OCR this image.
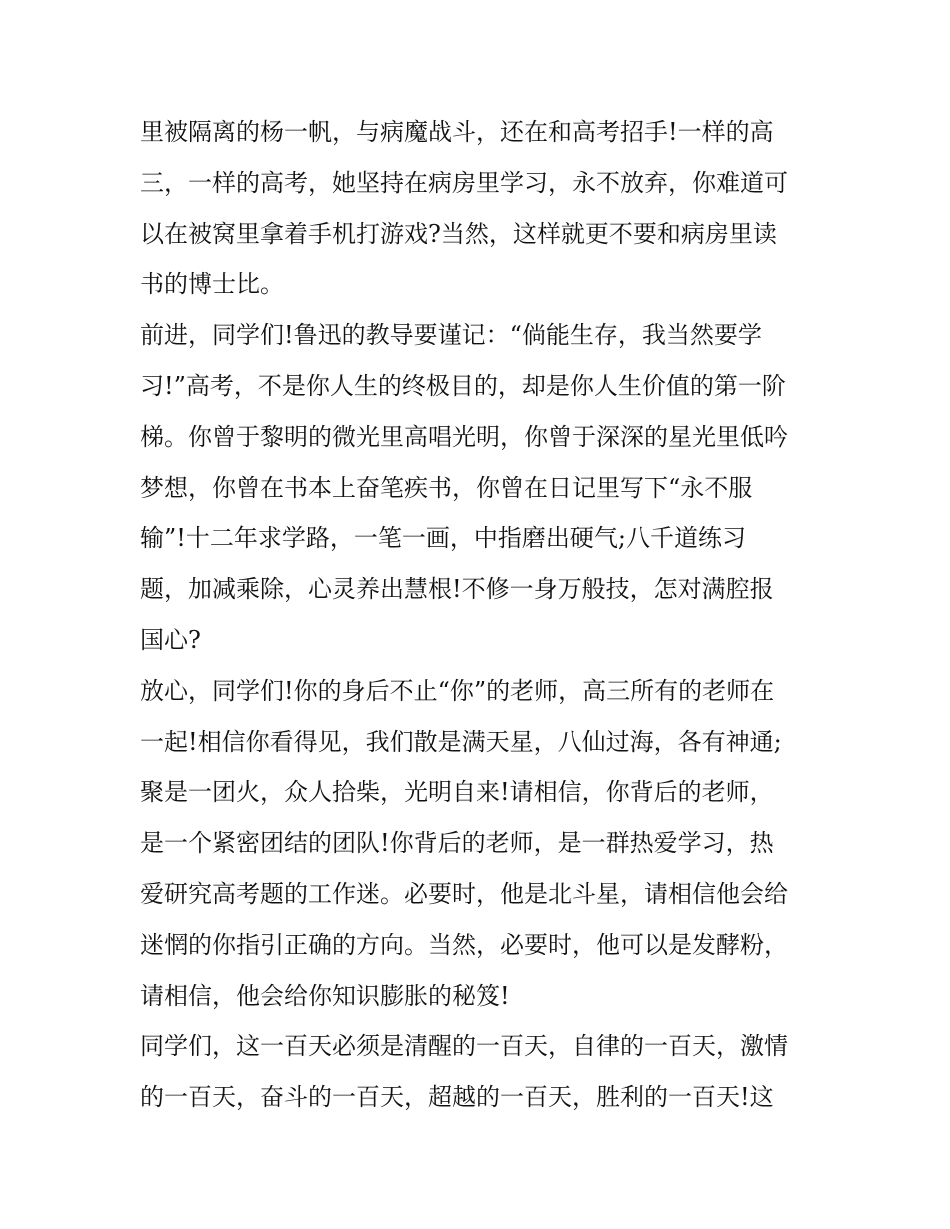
里被隔离的杨一帆，与病魔战斗，还在和高考招手!一样的高
三，一样的高考，她坚持在病房里学习，永不放弃，你难道可
以在被窝里拿着手机打游戏?当然，这样就更不要和病房里读
书的博士比。
前进，同学们!鲁迅的教导要谨记：“倘能生存，我当然要学
习!”高考，不是你人生的终极目的，却是你人生价值的第一阶
梯。你曾于黎明的微光里高唱光明，你曾于深深的星光里低吟
梦想，你曾在书本上奋笔疾书，你曾在日记里写下“永不服
输”!十二年求学路，一笔一画，中指磨出硬气;八千道练习
题，加减乘除，心灵养出慧根!不修一身万般技，怎对满腔报
国心?
放心，同学们!你的身后不止“你”的老师，高三所有的老师在
一起!相信你看得见，我们散是满天星，八仙过海，各有神通;
聚是一团火，众人拾柴，光明自来!请相信，你背后的老师，
是一个紧密团结的团队!你背后的老师，是一群热爱学习，热
爱研究高考题的工作迷。必要时，他是北斗星，请相信他会给
迷惘的你指引正确的方向。当然，必要时，他可以是发酵粉，
请相信，他会给你知识膨胀的秘笈!
同学们，这一百天必须是清醒的一百天，自律的一百天，激情
的一百天，奋斗的一百天，超越的一百天，胜利的一百天!这
